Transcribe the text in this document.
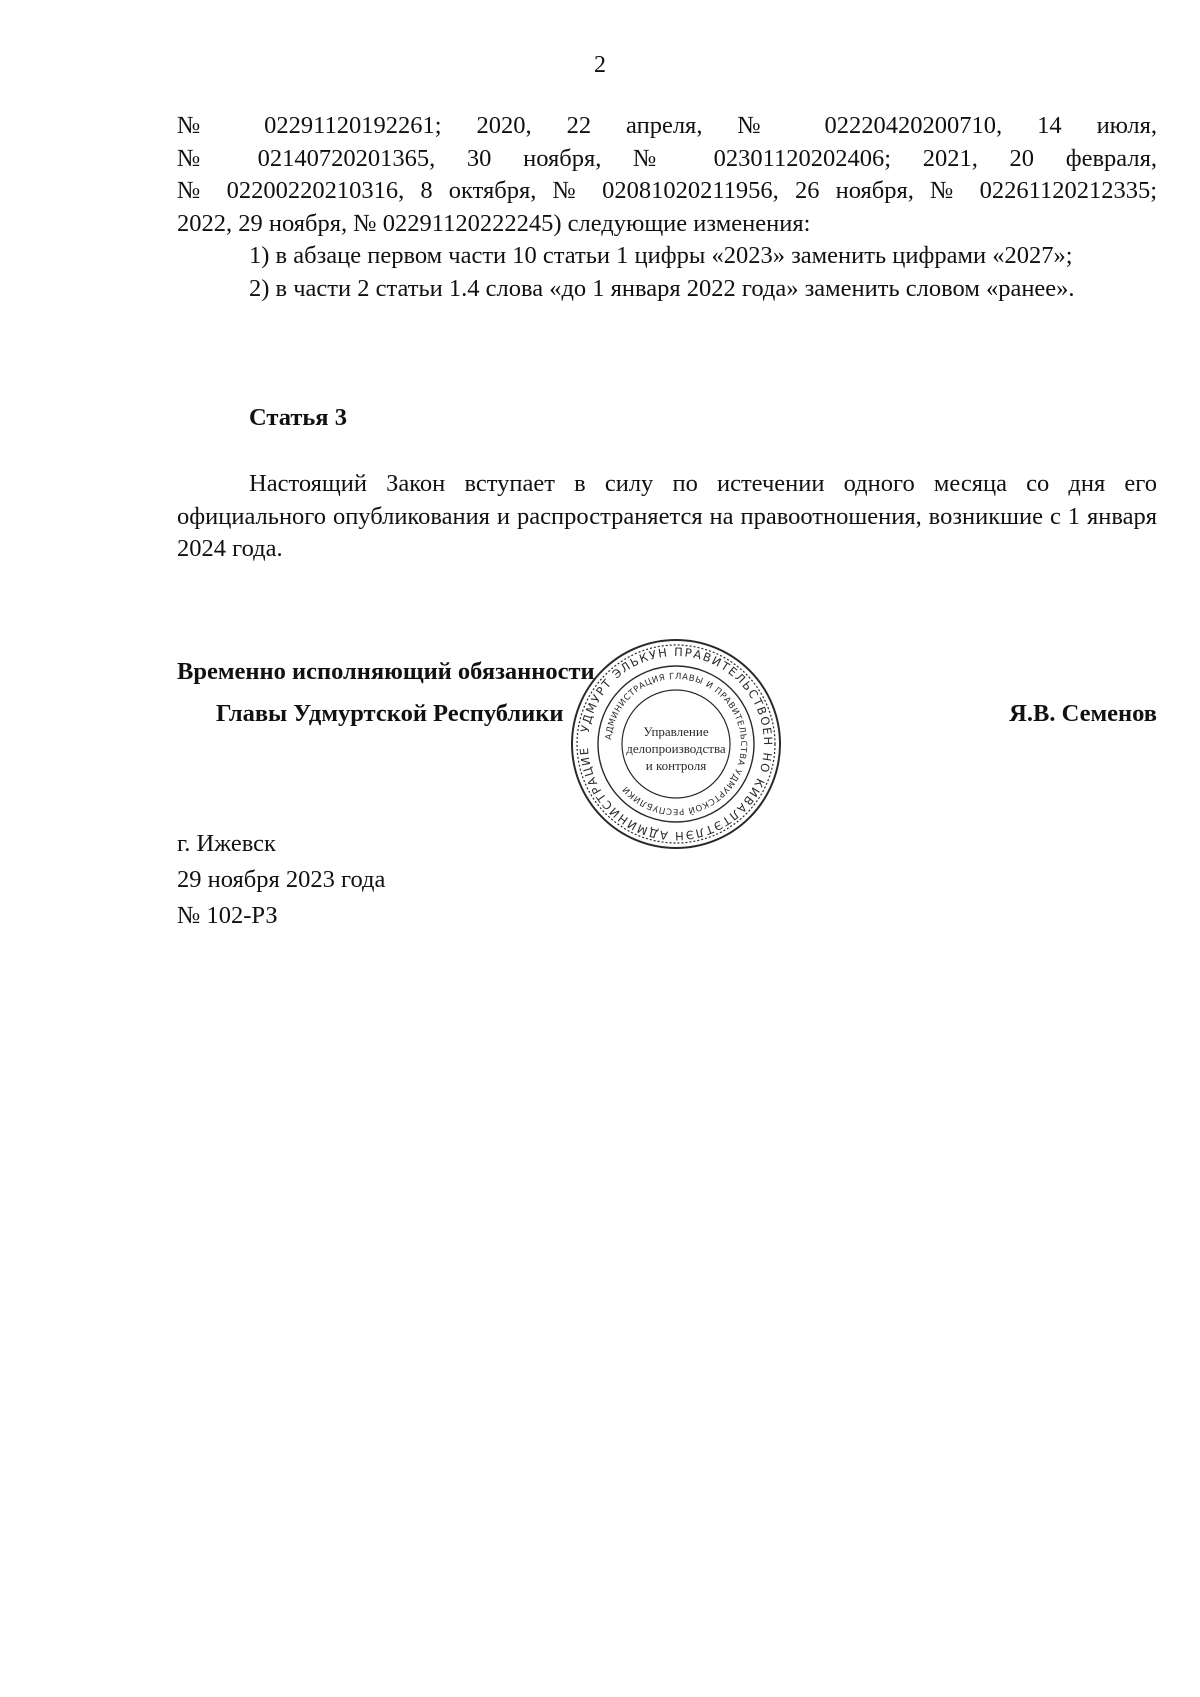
2

№ 02291120192261; 2020, 22 апреля, № 02220420200710, 14 июля,

№ 02140720201365, 30 ноября, № 02301120202406; 2021, 20 февраля,

№ 02200220210316, 8 октября, № 02081020211956, 26 ноября, № 02261120212335;

2022, 29 ноября, № 02291120222245) следующие изменения:

1) в абзаце первом части 10 статьи 1 цифры «2023» заменить цифрами «2027»;

2) в части 2 статьи 1.4 слова «до 1 января 2022 года» заменить словом «ранее».

Статья 3

Настоящий Закон вступает в силу по истечении одного месяца со дня его официального опубликования и распространяется на правоотношения, возникшие с 1 января 2024 года.

Временно исполняющий обязанности
Главы Удмуртской Республики	Я.В. Семенов
УДМУРТ ЭЛЬКУН ПРАВИТЕЛЬСТВОЕН НО КИВАЛТЭТЛЭН АДМИНИСТРАЦИЕ
АДМИНИСТРАЦИЯ ГЛАВЫ И ПРАВИТЕЛЬСТВА УДМУРТСКОЙ РЕСПУБЛИКИ
Управление
делопроизводства
и контроля
г. Ижевск
29 ноября 2023 года
№ 102-РЗ
